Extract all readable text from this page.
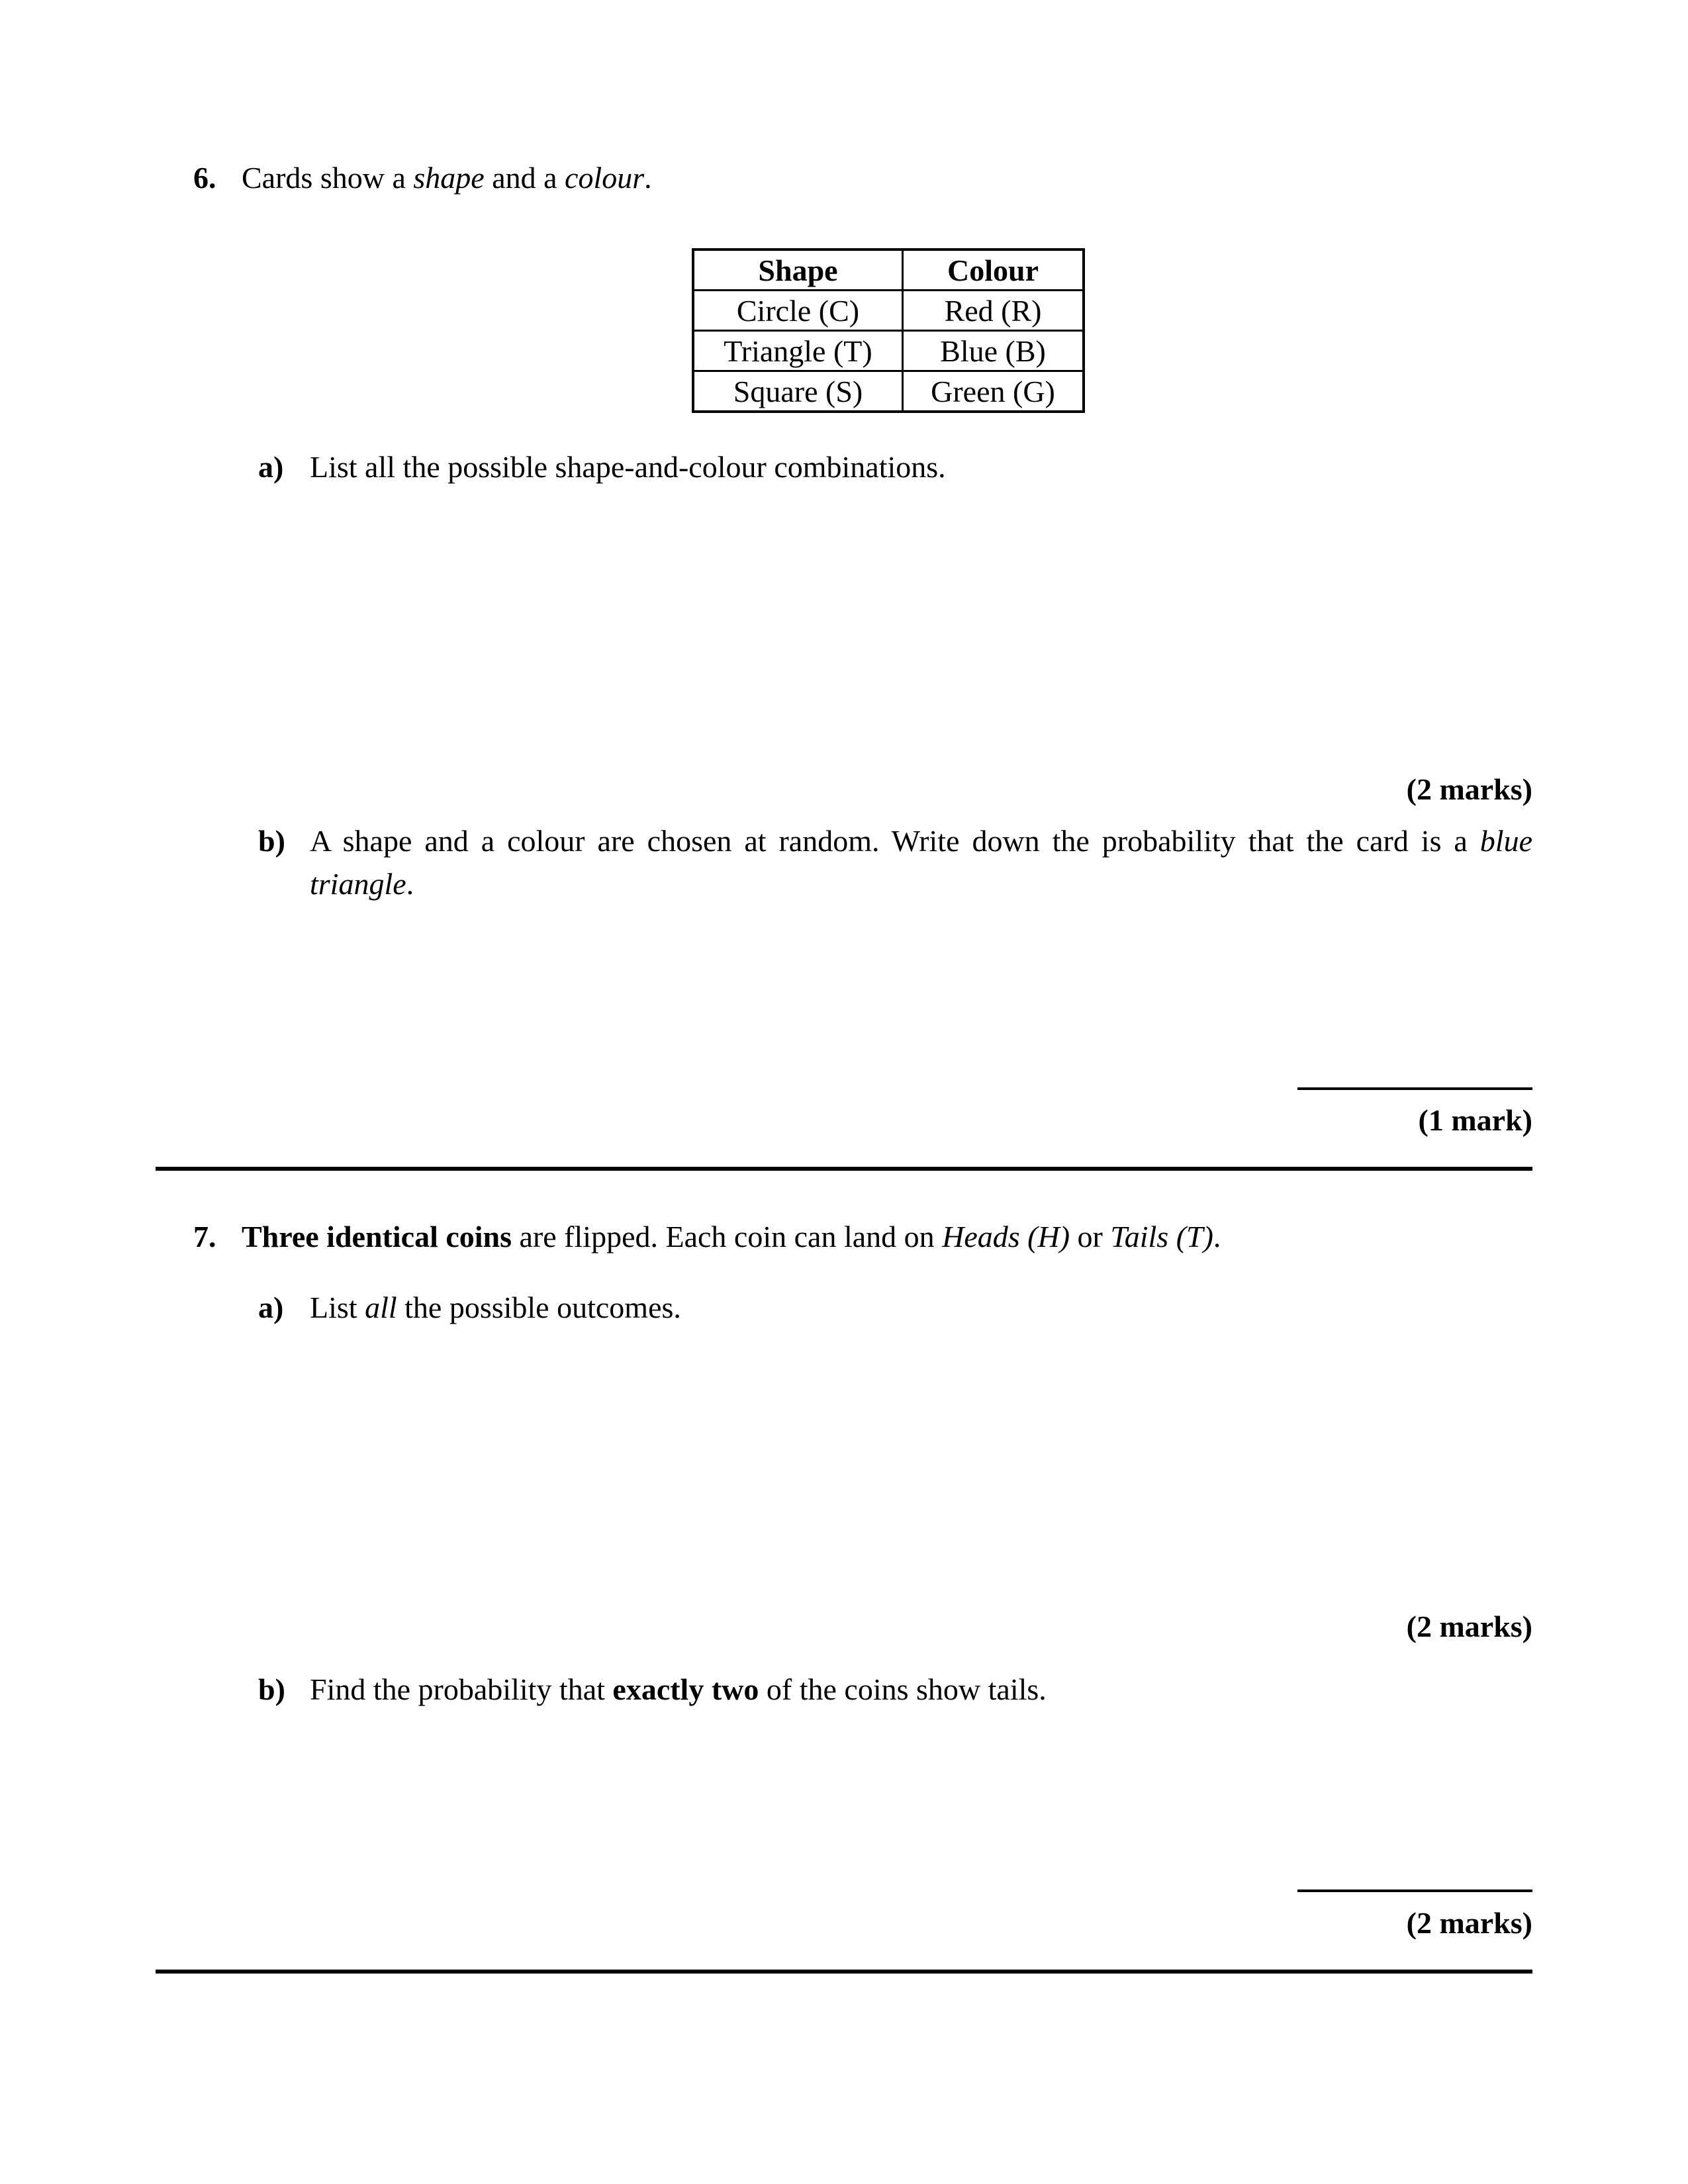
6. Cards show a shape and a colour.
Shape	Colour
Circle (C)	Red (R)
Triangle (T)	Blue (B)
Square (S)	Green (G)
a) List all the possible shape-and-colour combinations.
(2 marks)
b) A shape and a colour are chosen at random. Write down the probability that the card is a blue triangle.
(1 mark)
7. Three identical coins are flipped. Each coin can land on Heads (H) or Tails (T).
a) List all the possible outcomes.
(2 marks)
b) Find the probability that exactly two of the coins show tails.
(2 marks)
